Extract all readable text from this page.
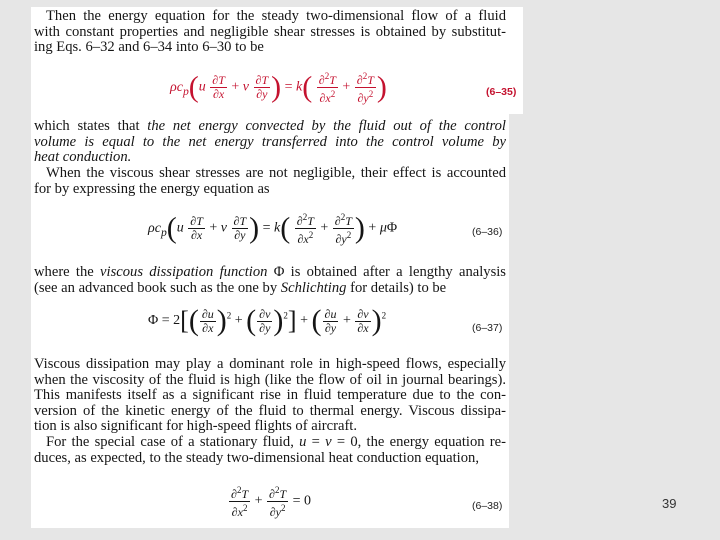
Then the energy equation for the steady two-dimensional flow of a fluid
with constant properties and negligible shear stresses is obtained by substitut-
ing Eqs. 6–32 and 6–34 into 6–30 to be
$\rho c_p(u \frac{\partial T}{\partial x} + v \frac{\partial T}{\partial y}$ ) = $k( \frac{\partial^2T}{\partial x^2} + \frac{\partial^2T}{\partial y^2}$ )	(6–35)
which states that the net energy convected by the fluid out of the control
volume is equal to the net energy transferred into the control volume by
heat conduction.
When the viscous shear stresses are not negligible, their effect is accounted
for by expressing the energy equation as
$\rho c_p(u \frac{\partial T}{\partial x} + v \frac{\partial T}{\partial y}$ ) = $k( \frac{\partial^2T}{\partial x^2} + \frac{\partial^2T}{\partial y^2}$ ) + μΦ	(6–36)
where the viscous dissipation function Φ is obtained after a lengthy analysis
(see an advanced book such as the one by Schlichting for details) to be
$\Phi = 2[( \frac{\partial u}{\partial x} )^2$ + ( $\frac{\partial v}{\partial y} )^2$] + ( $\frac{\partial u}{\partial y} + \frac{\partial v}{\partial x} )^2$
(6–37)
Viscous dissipation may play a dominant role in high-speed flows, especially
when the viscosity of the fluid is high (like the flow of oil in journal bearings).
This manifests itself as a significant rise in fluid temperature due to the con-
version of the kinetic energy of the fluid to thermal energy. Viscous dissipa-
tion is also significant for high-speed flights of aircraft.
For the special case of a stationary fluid, u = v = 0, the energy equation re-
duces, as expected, to the steady two-dimensional heat conduction equation,
$\frac{\partial^2T}{\partial x^2} + \frac{\partial^2T}{\partial y^2} = 0$	(6–38)	39
